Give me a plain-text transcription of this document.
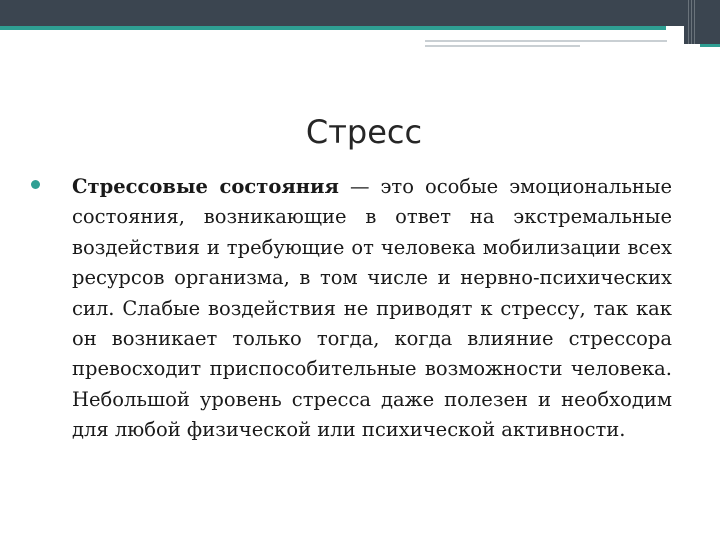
Стресс
Стрессовые состояния — это особые эмоциональные состояния, возникающие в ответ на экстремальные воздействия и требующие от человека мобилизации всех ресурсов организма, в том числе и нервно-психических сил. Слабые воздействия не приводят к стрессу, так как он возникает только тогда, когда влияние стрессора превосходит приспособительные возможности человека. Небольшой уровень стресса даже полезен и необходим для любой физической или психической активности.
